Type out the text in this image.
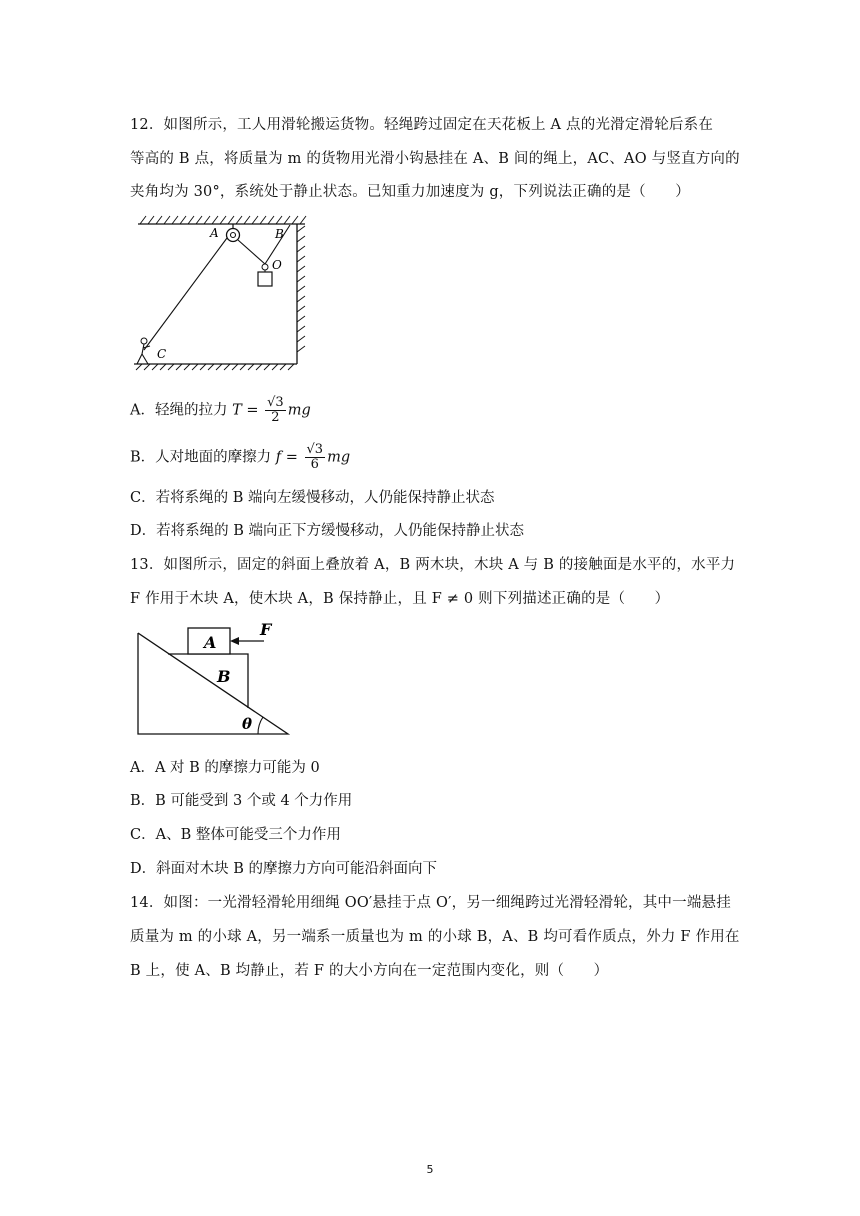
12．如图所示，工人用滑轮搬运货物。轻绳跨过固定在天花板上 A 点的光滑定滑轮后系在
等高的 B 点，将质量为 m 的货物用光滑小钩悬挂在 A、B 间的绳上，AC、AO 与竖直方向的
夹角均为 30°，系统处于静止状态。已知重力加速度为 g，下列说法正确的是（　　）
A	B
O
C
A．轻绳的拉力 $T = \frac{√3}{2}$ mg
B．人对地面的摩擦力 $f = \frac{√3}{6}$ mg
C．若将系绳的 B 端向左缓慢移动，人仍能保持静止状态
D．若将系绳的 B 端向正下方缓慢移动，人仍能保持静止状态
13．如图所示，固定的斜面上叠放着 A，B 两木块，木块 A 与 B 的接触面是水平的，水平力
F 作用于木块 A，使木块 A，B 保持静止，且 F ≠ 0 则下列描述正确的是（　　）
A
B
F
θ
A．A 对 B 的摩擦力可能为 0
B．B 可能受到 3 个或 4 个力作用
C．A、B 整体可能受三个力作用
D．斜面对木块 B 的摩擦力方向可能沿斜面向下
14．如图：一光滑轻滑轮用细绳 OO′悬挂于点 O′，另一细绳跨过光滑轻滑轮，其中一端悬挂
质量为 m 的小球 A，另一端系一质量也为 m 的小球 B，A、B 均可看作质点，外力 F 作用在
B 上，使 A、B 均静止，若 F 的大小方向在一定范围内变化，则（　　）
5
